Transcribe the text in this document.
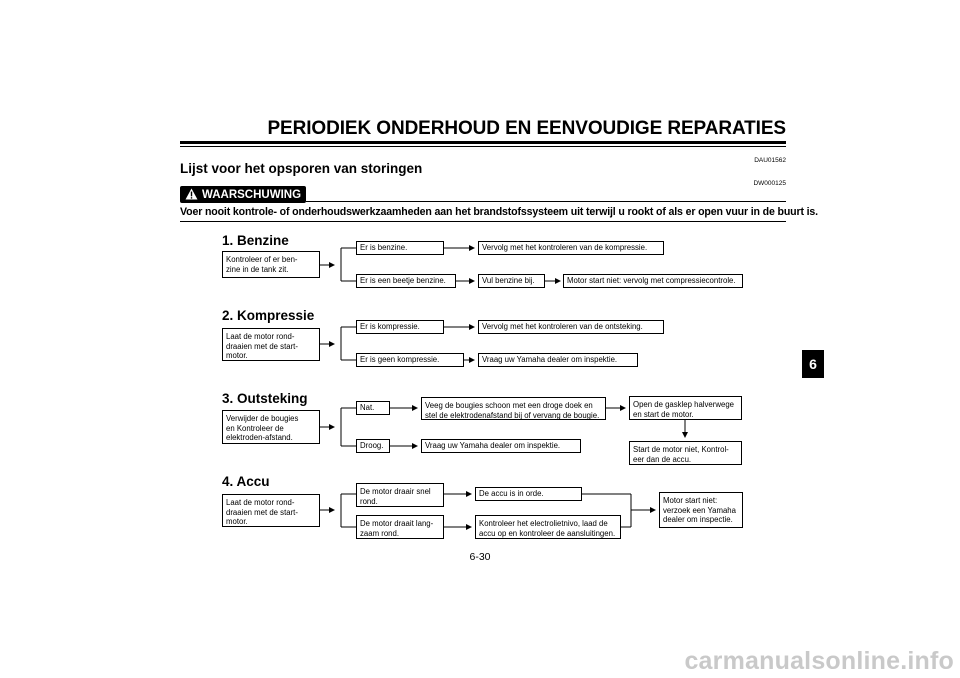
PERIODIEK ONDERHOUD EN EENVOUDIGE REPARATIES
DAU01562
Lijst voor het opsporen van storingen
DW000125
WAARSCHUWING
Voer nooit kontrole- of onderhoudswerkzaamheden aan het brandstofssysteem uit terwijl u rookt of als er open vuur in de buurt is.
1. Benzine
Kontroleer of er ben-
zine in de tank zit.
Er is benzine.	Vervolg met het kontroleren van de kompressie.
Er is een beetje benzine.	Vul benzine bij.	Motor start niet: vervolg met compressiecontrole.
2. Kompressie
Laat de motor rond-
draaien met de start-
motor.
Er is kompressie.	Vervolg met het kontroleren van de ontsteking.
Er is geen kompressie.	Vraag uw Yamaha dealer om inspektie.
3. Outsteking
Verwijder de bougies
en Kontroleer de
elektroden-afstand.
Nat.	Veeg de bougies schoon met een droge doek en
stel de elektrodenafstand bij of vervang de bougie.
Open de gasklep halverwege
en start de motor.
Start de motor niet, Kontrol-
eer dan de accu.
Droog.	Vraag uw Yamaha dealer om inspektie.
4. Accu
Laat de motor rond-
draaien met de start-
motor.
De motor draair snel
rond.
De accu is in orde.
De motor draait lang-
zaam rond.
Kontroleer het electrolietnivo, laad de
accu op en kontroleer de aansluitingen.
Motor start niet:
verzoek een Yamaha
dealer om inspectie.
6
6-30
carmanualsonline.info
